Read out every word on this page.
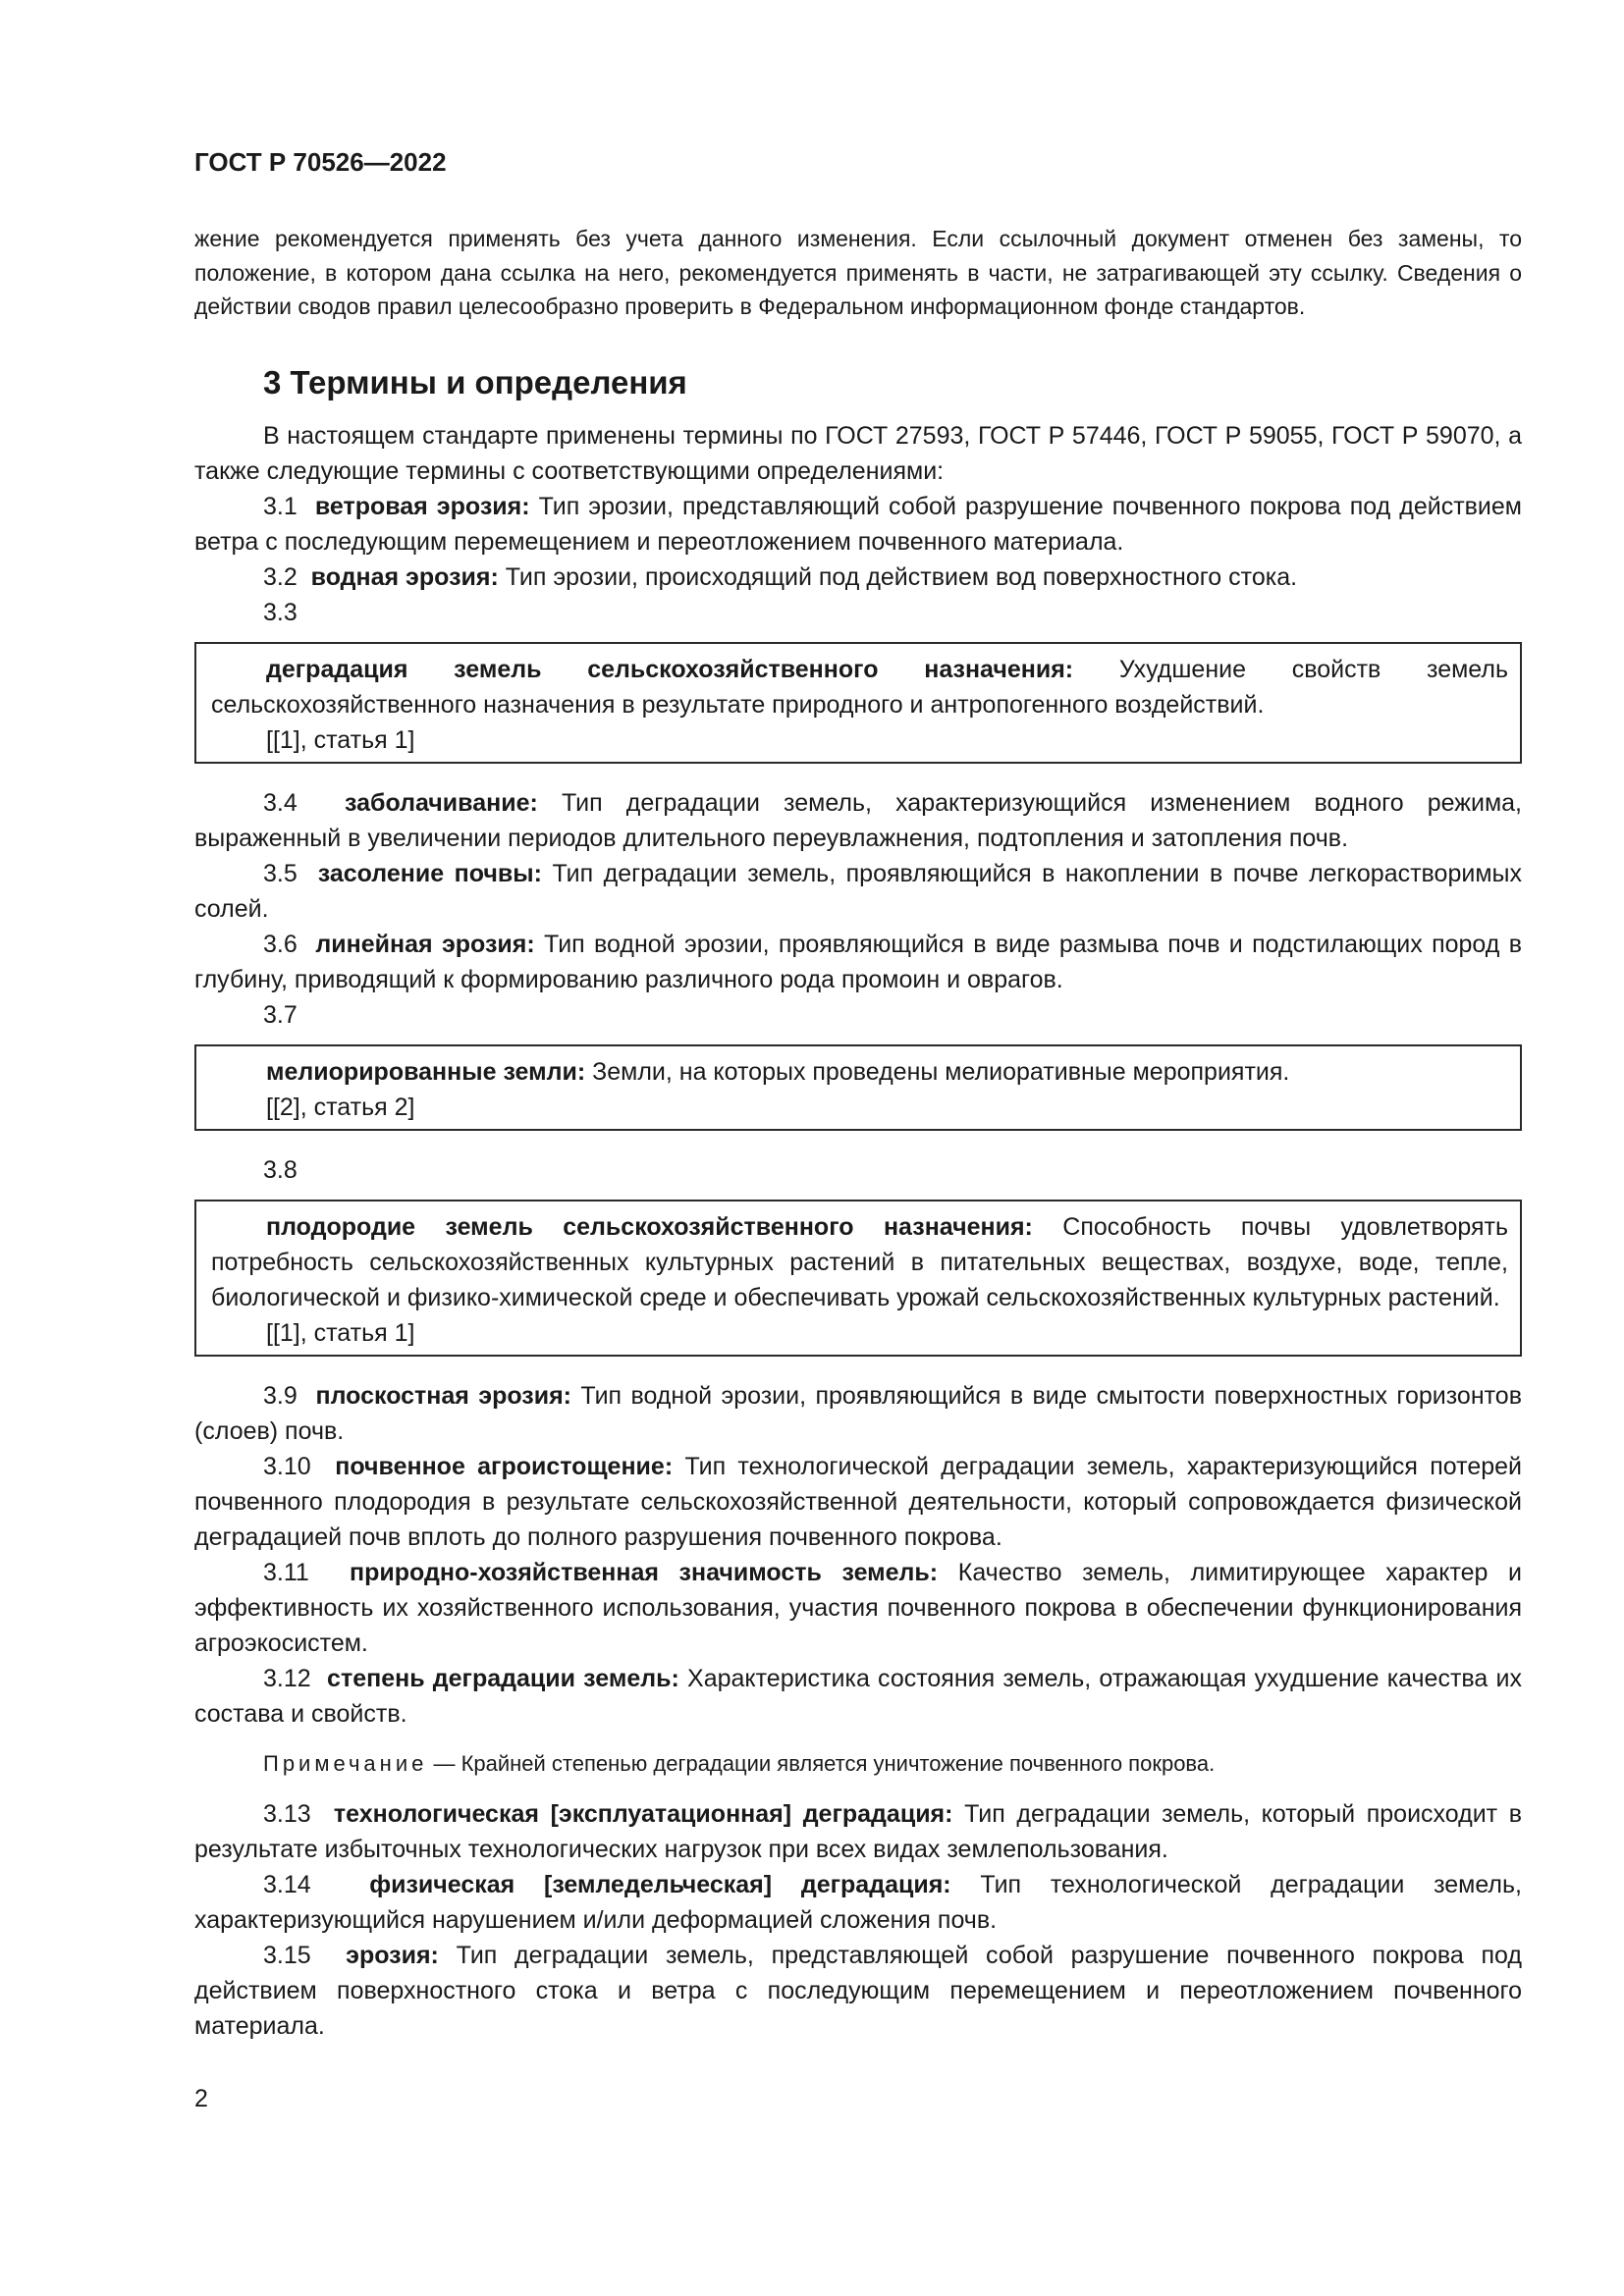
ГОСТ Р 70526—2022

жение рекомендуется применять без учета данного изменения. Если ссылочный документ отменен без замены, то положение, в котором дана ссылка на него, рекомендуется применять в части, не затрагивающей эту ссылку. Сведения о действии сводов правил целесообразно проверить в Федеральном информационном фонде стандартов.

3 Термины и определения

В настоящем стандарте применены термины по ГОСТ 27593, ГОСТ Р 57446, ГОСТ Р 59055, ГОСТ Р 59070, а также следующие термины с соответствующими определениями:

3.1 ветровая эрозия: Тип эрозии, представляющий собой разрушение почвенного покрова под действием ветра с последующим перемещением и переотложением почвенного материала.

3.2 водная эрозия: Тип эрозии, происходящий под действием вод поверхностного стока.

3.3

деградация земель сельскохозяйственного назначения: Ухудшение свойств земель сельскохозяйственного назначения в результате природного и антропогенного воздействий.

[[1], статья 1]

3.4 заболачивание: Тип деградации земель, характеризующийся изменением водного режима, выраженный в увеличении периодов длительного переувлажнения, подтопления и затопления почв.

3.5 засоление почвы: Тип деградации земель, проявляющийся в накоплении в почве легкорастворимых солей.

3.6 линейная эрозия: Тип водной эрозии, проявляющийся в виде размыва почв и подстилающих пород в глубину, приводящий к формированию различного рода промоин и оврагов.

3.7

мелиорированные земли: Земли, на которых проведены мелиоративные мероприятия.

[[2], статья 2]

3.8

плодородие земель сельскохозяйственного назначения: Способность почвы удовлетворять потребность сельскохозяйственных культурных растений в питательных веществах, воздухе, воде, тепле, биологической и физико-химической среде и обеспечивать урожай сельскохозяйственных культурных растений.

[[1], статья 1]

3.9 плоскостная эрозия: Тип водной эрозии, проявляющийся в виде смытости поверхностных горизонтов (слоев) почв.

3.10 почвенное агроистощение: Тип технологической деградации земель, характеризующийся потерей почвенного плодородия в результате сельскохозяйственной деятельности, который сопровождается физической деградацией почв вплоть до полного разрушения почвенного покрова.

3.11 природно-хозяйственная значимость земель: Качество земель, лимитирующее характер и эффективность их хозяйственного использования, участия почвенного покрова в обеспечении функционирования агроэкосистем.

3.12 степень деградации земель: Характеристика состояния земель, отражающая ухудшение качества их состава и свойств.

Примечание — Крайней степенью деградации является уничтожение почвенного покрова.

3.13 технологическая [эксплуатационная] деградация: Тип деградации земель, который происходит в результате избыточных технологических нагрузок при всех видах землепользования.

3.14 физическая [земледельческая] деградация: Тип технологической деградации земель, характеризующийся нарушением и/или деформацией сложения почв.

3.15 эрозия: Тип деградации земель, представляющей собой разрушение почвенного покрова под действием поверхностного стока и ветра с последующим перемещением и переотложением почвенного материала.

2
